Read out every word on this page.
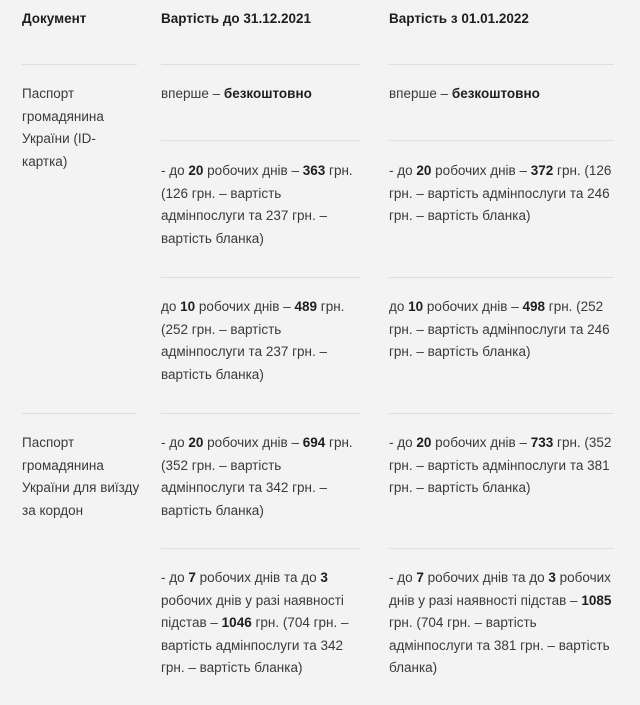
Документ	Вартість до 31.12.2021	Вартість з 01.01.2022
Паспорт громадянина України (ID-картка)
вперше – безкоштовно
- до 20 робочих днів – 363 грн. (126 грн. – вартість адмінпослуги та 237 грн. – вартість бланка)
до 10 робочих днів – 489 грн. (252 грн. – вартість адмінпослуги та 237 грн. – вартість бланка)
вперше – безкоштовно
- до 20 робочих днів – 372 грн. (126 грн. – вартість адмінпослуги та 246 грн. – вартість бланка)
до 10 робочих днів – 498 грн. (252 грн. – вартість адмінпослуги та 246 грн. – вартість бланка)
Паспорт громадянина України для виїзду за кордон
- до 20 робочих днів – 694 грн. (352 грн. – вартість адмінпослуги та 342 грн. – вартість бланка)
- до 7 робочих днів та до 3 робочих днів у разі наявності підстав – 1046 грн. (704 грн. – вартість адмінпослуги та 342 грн. – вартість бланка)
- до 20 робочих днів – 733 грн. (352 грн. – вартість адмінпослуги та 381 грн. – вартість бланка)
- до 7 робочих днів та до 3 робочих днів у разі наявності підстав – 1085 грн. (704 грн. – вартість адмінпослуги та 381 грн. – вартість бланка)
